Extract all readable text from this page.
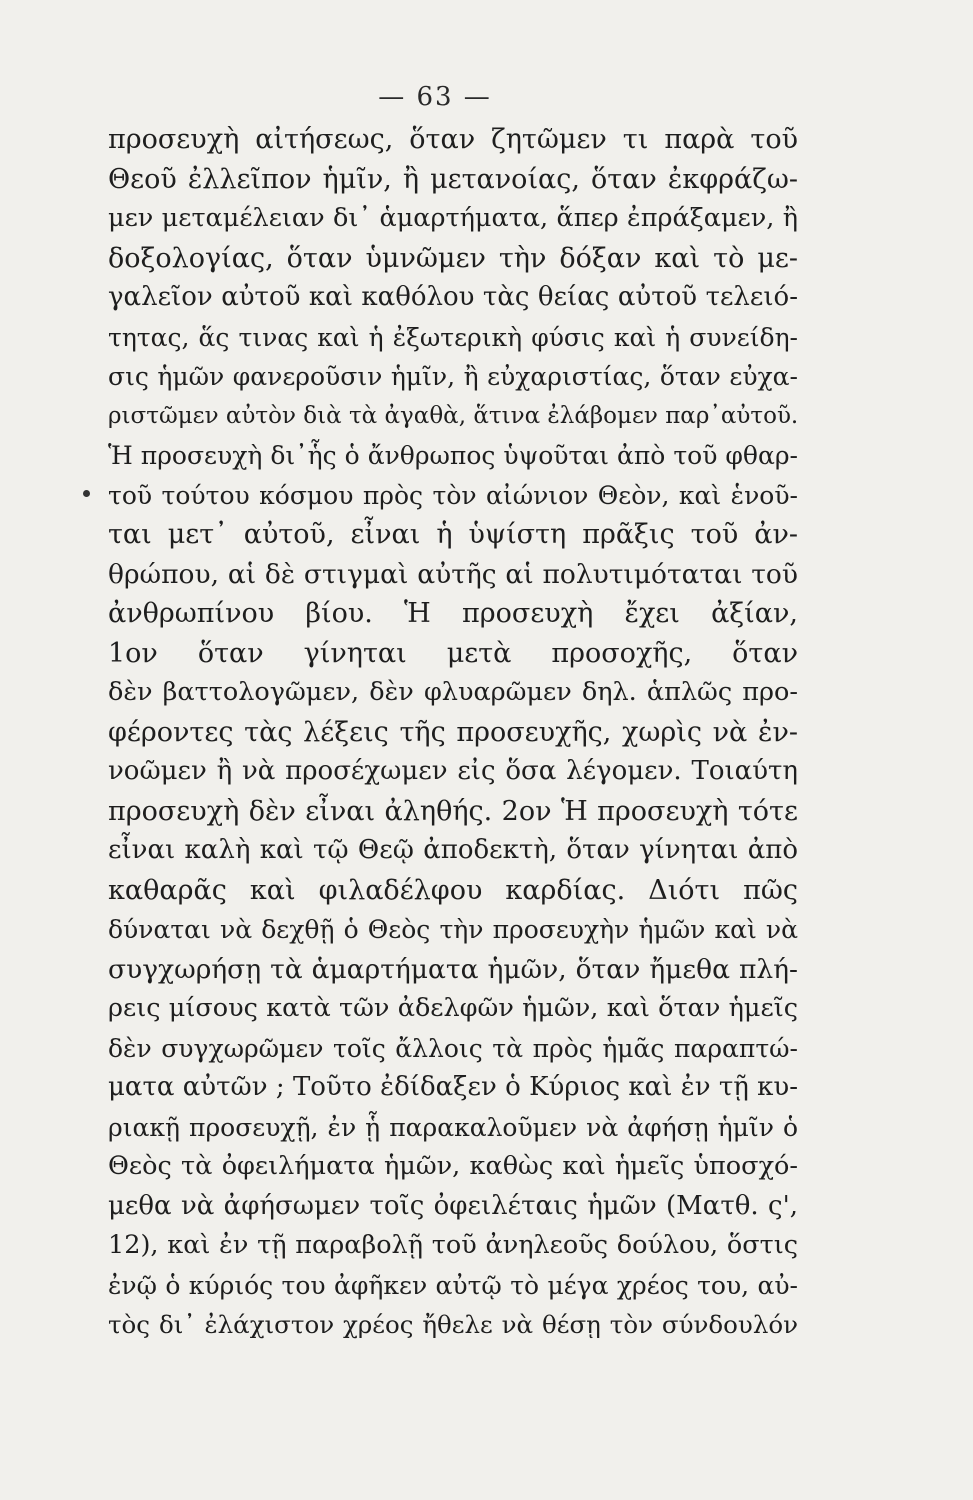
— 63 —
προσευχὴ αἰτήσεως, ὅταν ζητῶμεν τι παρὰ τοῦ
Θεοῦ ἐλλεῖπον ἡμῖν, ἢ μετανοίας, ὅταν ἐκφράζω-
μεν μεταμέλειαν δι᾽ ἁμαρτήματα, ἅπερ ἐπράξαμεν, ἢ
δοξολογίας, ὅταν ὑμνῶμεν τὴν δόξαν καὶ τὸ με-
γαλεῖον αὐτοῦ καὶ καθόλου τὰς θείας αὐτοῦ τελειό-
τητας, ἅς τινας καὶ ἡ ἐξωτερικὴ φύσις καὶ ἡ συνείδη-
σις ἡμῶν φανεροῦσιν ἡμῖν, ἢ εὐχαριστίας, ὅταν εὐχα-
ριστῶμεν αὐτὸν διὰ τὰ ἀγαθὰ, ἅτινα ἐλάβομεν παρ᾽αὐτοῦ.
Ἡ προσευχὴ δι᾽ἧς ὁ ἄνθρωπος ὑψοῦται ἀπὸ τοῦ φθαρ-
τοῦ τούτου κόσμου πρὸς τὸν αἰώνιον Θεὸν, καὶ ἑνοῦ-
ται μετ᾽ αὐτοῦ, εἶναι ἡ ὑψίστη πρᾶξις τοῦ ἀν-
θρώπου, αἱ δὲ στιγμαὶ αὐτῆς αἱ πολυτιμόταται τοῦ
ἀνθρωπίνου βίου. Ἡ προσευχὴ ἔχει ἀξίαν,
1ον ὅταν γίνηται μετὰ προσοχῆς, ὅταν
δὲν βαττολογῶμεν, δὲν φλυαρῶμεν δηλ. ἁπλῶς προ-
φέροντες τὰς λέξεις τῆς προσευχῆς, χωρὶς νὰ ἐν-
νοῶμεν ἢ νὰ προσέχωμεν εἰς ὅσα λέγομεν. Τοιαύτη
προσευχὴ δὲν εἶναι ἀληθής. 2ον Ἡ προσευχὴ τότε
εἶναι καλὴ καὶ τῷ Θεῷ ἀποδεκτὴ, ὅταν γίνηται ἀπὸ
καθαρᾶς καὶ φιλαδέλφου καρδίας. Διότι πῶς
δύναται νὰ δεχθῇ ὁ Θεὸς τὴν προσευχὴν ἡμῶν καὶ νὰ
συγχωρήσῃ τὰ ἁμαρτήματα ἡμῶν, ὅταν ἤμεθα πλή-
ρεις μίσους κατὰ τῶν ἀδελφῶν ἡμῶν, καὶ ὅταν ἡμεῖς
δὲν συγχωρῶμεν τοῖς ἄλλοις τὰ πρὸς ἡμᾶς παραπτώ-
ματα αὐτῶν ; Τοῦτο ἐδίδαξεν ὁ Κύριος καὶ ἐν τῇ κυ-
ριακῇ προσευχῇ, ἐν ᾗ παρακαλοῦμεν νὰ ἀφήσῃ ἡμῖν ὁ
Θεὸς τὰ ὀφειλήματα ἡμῶν, καθὼς καὶ ἡμεῖς ὑποσχό-
μεθα νὰ ἀφήσωμεν τοῖς ὀφειλέταις ἡμῶν (Ματθ. ς',
12), καὶ ἐν τῇ παραβολῇ τοῦ ἀνηλεοῦς δούλου, ὅστις
ἐνῷ ὁ κύριός του ἀφῆκεν αὐτῷ τὸ μέγα χρέος του, αὐ-
τὸς δι᾽ ἐλάχιστον χρέος ἤθελε νὰ θέσῃ τὸν σύνδουλόν
